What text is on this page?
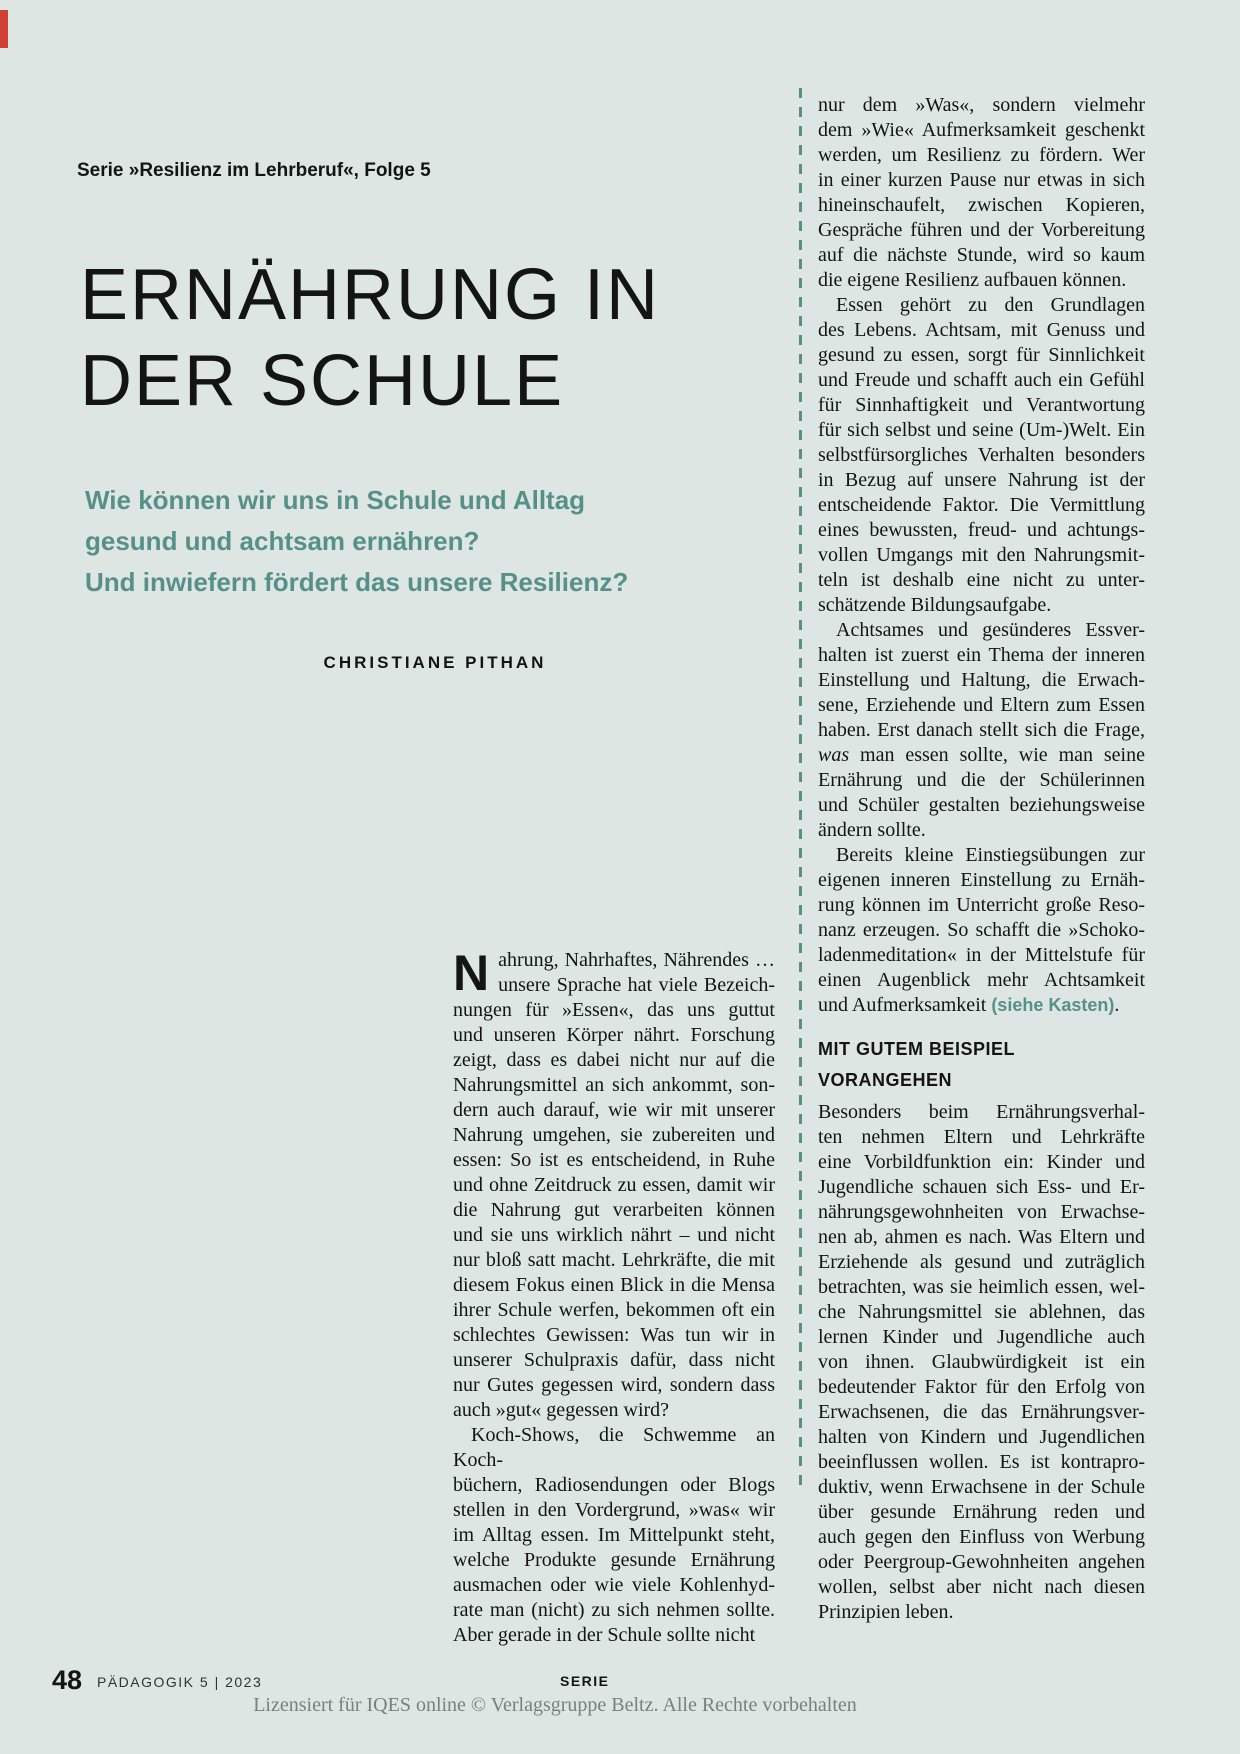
Serie »Resilienz im Lehrberuf«, Folge 5
ERNÄHRUNG IN
DER SCHULE
Wie können wir uns in Schule und Alltag
gesund und achtsam ernähren?
Und inwiefern fördert das unsere Resilienz?
CHRISTIANE PITHAN
N ahrung, Nahrhaftes, Nährendes …
unsere Sprache hat viele Bezeich-
nungen für »Essen«, das uns guttut
und unseren Körper nährt. Forschung
zeigt, dass es dabei nicht nur auf die
Nahrungsmittel an sich ankommt, son-
dern auch darauf, wie wir mit unserer
Nahrung umgehen, sie zubereiten und
essen: So ist es entscheidend, in Ruhe
und ohne Zeitdruck zu essen, damit wir
die Nahrung gut verarbeiten können
und sie uns wirklich nährt – und nicht
nur bloß satt macht. Lehrkräfte, die mit
diesem Fokus einen Blick in die Mensa
ihrer Schule werfen, bekommen oft ein
schlechtes Gewissen: Was tun wir in
unserer Schulpraxis dafür, dass nicht
nur Gutes gegessen wird, sondern dass
auch »gut« gegessen wird?
Koch-Shows, die Schwemme an Koch-
büchern, Radiosendungen oder Blogs
stellen in den Vordergrund, »was« wir
im Alltag essen. Im Mittelpunkt steht,
welche Produkte gesunde Ernährung
ausmachen oder wie viele Kohlenhyd-
rate man (nicht) zu sich nehmen sollte.
Aber gerade in der Schule sollte nicht
nur dem »Was«, sondern vielmehr
dem »Wie« Aufmerksamkeit geschenkt
werden, um Resilienz zu fördern. Wer
in einer kurzen Pause nur etwas in sich
hineinschaufelt, zwischen Kopieren,
Gespräche führen und der Vorbereitung
auf die nächste Stunde, wird so kaum
die eigene Resilienz aufbauen können.
Essen gehört zu den Grundlagen
des Lebens. Achtsam, mit Genuss und
gesund zu essen, sorgt für Sinnlichkeit
und Freude und schafft auch ein Gefühl
für Sinnhaftigkeit und Verantwortung
für sich selbst und seine (Um-)Welt. Ein
selbstfürsorgliches Verhalten besonders
in Bezug auf unsere Nahrung ist der
entscheidende Faktor. Die Vermittlung
eines bewussten, freud- und achtungs-
vollen Umgangs mit den Nahrungsmit-
teln ist deshalb eine nicht zu unter-
schätzende Bildungsaufgabe.
Achtsames und gesünderes Essver-
halten ist zuerst ein Thema der inneren
Einstellung und Haltung, die Erwach-
sene, Erziehende und Eltern zum Essen
haben. Erst danach stellt sich die Frage,
was man essen sollte, wie man seine
Ernährung und die der Schülerinnen
und Schüler gestalten beziehungsweise
ändern sollte.
Bereits kleine Einstiegsübungen zur
eigenen inneren Einstellung zu Ernäh-
rung können im Unterricht große Reso-
nanz erzeugen. So schafft die »Schoko-
ladenmeditation« in der Mittelstufe für
einen Augenblick mehr Achtsamkeit
und Aufmerksamkeit (siehe Kasten).
MIT GUTEM BEISPIEL
VORANGEHEN
Besonders beim Ernährungsverhal-
ten nehmen Eltern und Lehrkräfte
eine Vorbildfunktion ein: Kinder und
Jugendliche schauen sich Ess- und Er-
nährungsgewohnheiten von Erwachse-
nen ab, ahmen es nach. Was Eltern und
Erziehende als gesund und zuträglich
betrachten, was sie heimlich essen, wel-
che Nahrungsmittel sie ablehnen, das
lernen Kinder und Jugendliche auch
von ihnen. Glaubwürdigkeit ist ein
bedeutender Faktor für den Erfolg von
Erwachsenen, die das Ernährungsver-
halten von Kindern und Jugendlichen
beeinflussen wollen. Es ist kontrapro-
duktiv, wenn Erwachsene in der Schule
über gesunde Ernährung reden und
auch gegen den Einfluss von Werbung
oder Peergroup-Gewohnheiten angehen
wollen, selbst aber nicht nach diesen
Prinzipien leben.
48 PÄDAGOGIK 5 | 2023	SERIE
Lizensiert für IQES online © Verlagsgruppe Beltz. Alle Rechte vorbehalten
